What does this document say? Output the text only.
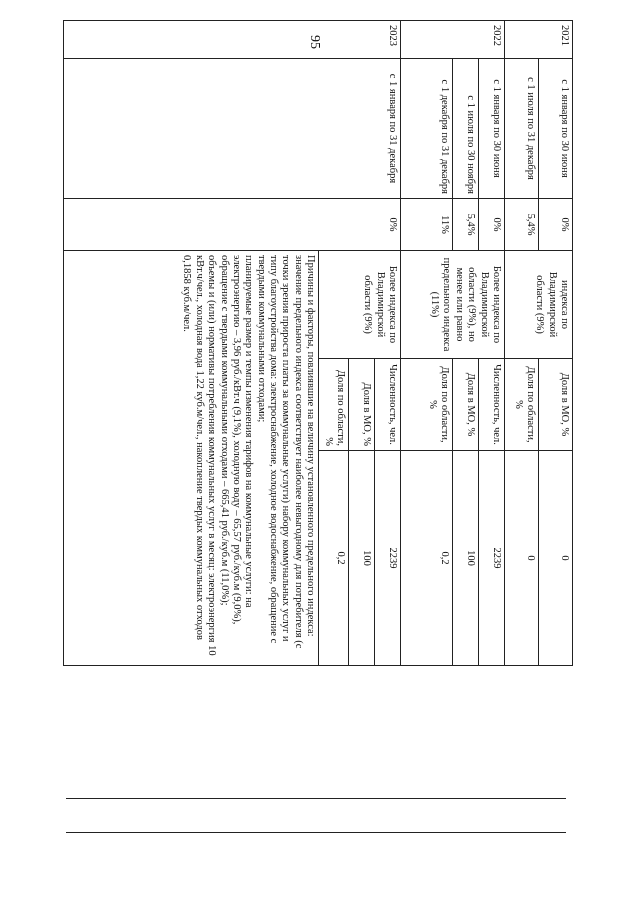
95	2021	с 1 января по 30 июня	0%	индекса по Владимирской области (9%)	Доля в МО, %	0
	с 1 июля по 31 декабря	5,4%		Доля по области, %	0
2022	с 1 января по 30 июня	0%	Более индекса по Владимирской области (9%), но менее или равно предельного индекса (11%)	Численность, чел.	2239
	с 1 июля по 30 ноября	5,4%		Доля в МО, %	100
	с 1 декабря по 31 декабря	11%		Доля по области, %	0,2
2023	с 1 января по 31 декабря	0%	Более индекса по Владимирской области (9%)	Численность, чел.	2239
				Доля в МО, %	100
				Доля по области, %	0,2

			Причины и факторы, повлиявшие на величину установленного предельного индекса:

значение предельного индекса соответствует наиболее невыгодному для потребителя (с точки зрения прироста платы за коммунальные услуги) набору коммунальных услуг и типу благоустройства дома: электроснабжение, холодное водоснабжение, обращение с твердыми коммунальными отходами;

планируемые размер и темпы изменения тарифов на коммунальные услуги: на электроэнергию – 3,96 руб./кВт.ч (9,1%), холодную воду – 65,57 руб./куб.м (9,0%), обращение с твердыми коммунальными отходами – 665,41 руб./куб.м (11,0%);

объемы и (или) нормативы потребления коммунальных услуг в месяц: электроэнергия 10 кВт.ч/чел., холодная вода 1,22 куб.м/чел., накопление твердых коммунальных отходов 0,1858 куб.м/чел.		
